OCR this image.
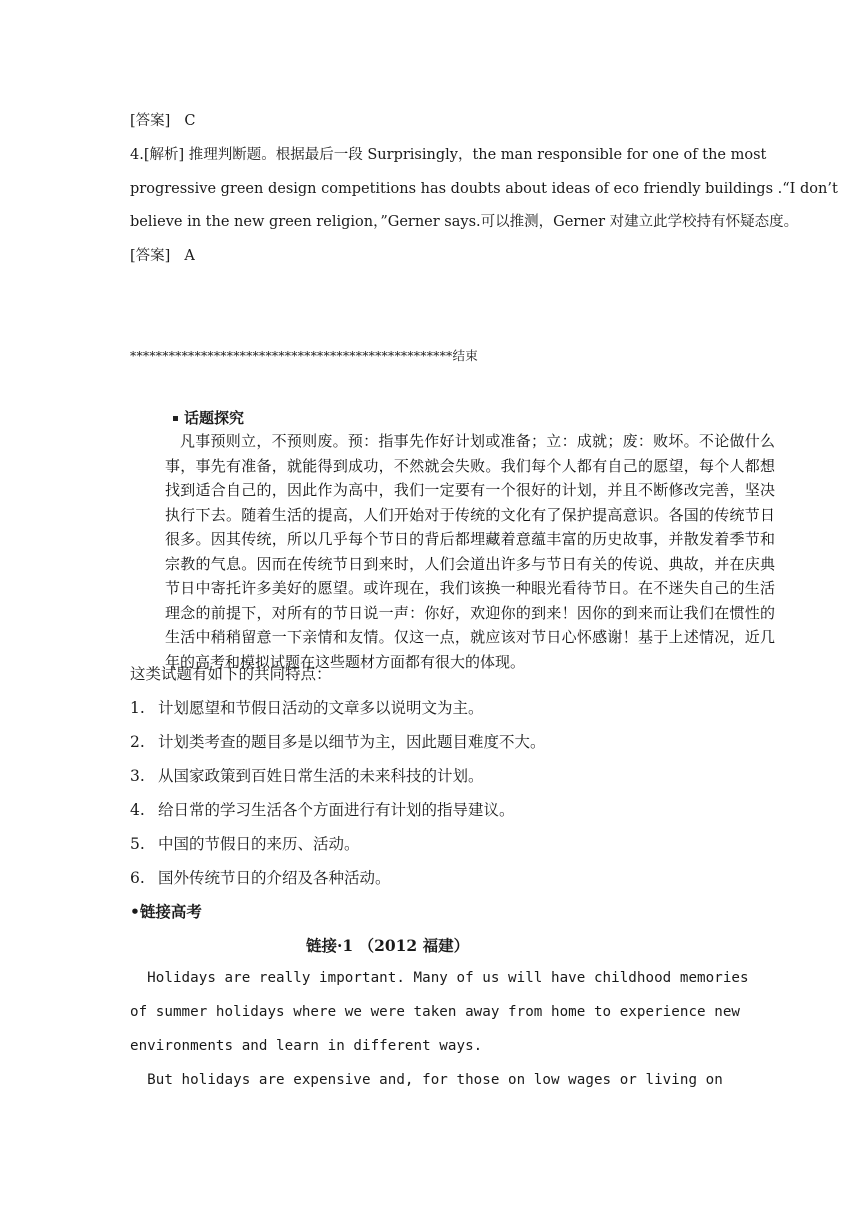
[答案] C
4.[解析] 推理判断题。根据最后一段 Surprisingly，the man responsible for one of the most
progressive green design competitions has doubts about ideas of eco friendly buildings .“I don’t
believe in the new green religion，”Gerner says.可以推测，Gerner 对建立此学校持有怀疑态度。
[答案] A
**************************************************结束
话题探究
凡事预则立，不预则废。预：指事先作好计划或准备；立：成就；废：败坏。不论做什么事，事先有准备，就能得到成功，不然就会失败。我们每个人都有自己的愿望，每个人都想找到适合自己的，因此作为高中，我们一定要有一个很好的计划，并且不断修改完善，坚决执行下去。随着生活的提高，人们开始对于传统的文化有了保护提高意识。各国的传统节日很多。因其传统，所以几乎每个节日的背后都埋藏着意蕴丰富的历史故事，并散发着季节和宗教的气息。因而在传统节日到来时，人们会道出许多与节日有关的传说、典故，并在庆典节日中寄托许多美好的愿望。或许现在，我们该换一种眼光看待节日。在不迷失自己的生活理念的前提下，对所有的节日说一声：你好，欢迎你的到来！因你的到来而让我们在惯性的生活中稍稍留意一下亲情和友情。仅这一点，就应该对节日心怀感谢！基于上述情况，近几年的高考和模拟试题在这些题材方面都有很大的体现。
这类试题有如下的共同特点：
1. 计划愿望和节假日活动的文章多以说明文为主。
2. 计划类考查的题目多是以细节为主，因此题目难度不大。
3. 从国家政策到百姓日常生活的未来科技的计划。
4. 给日常的学习生活各个方面进行有计划的指导建议。
5. 中国的节假日的来历、活动。
6. 国外传统节日的介绍及各种活动。
•链接高考
链接·1 （2012 福建）
Holidays are really important. Many of us will have childhood memories
of summer holidays where we were taken away from home to experience new
environments and learn in different ways.
But holidays are expensive and, for those on low wages or living on
